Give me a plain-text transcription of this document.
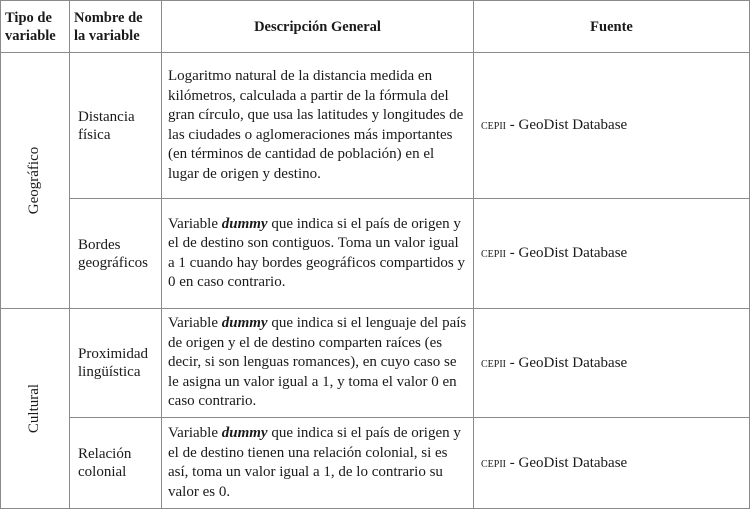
Tipo de variable	Nombre de la variable	Descripción General	Fuente
Geográfico	Distancia física	Logaritmo natural de la distancia medida en kilómetros, calculada a partir de la fórmula del gran círculo, que usa las latitudes y longitudes de las ciudades o aglomeraciones más importantes (en términos de cantidad de población) en el lugar de origen y destino.	cepii - GeoDist Database
	Bordes geográficos	Variable dummy que indica si el país de origen y el de destino son contiguos. Toma un valor igual a 1 cuando hay bordes geográficos compartidos y 0 en caso contrario.	cepii - GeoDist Database
Cultural	Proximidad lingüística	Variable dummy que indica si el lenguaje del país de origen y el de destino comparten raíces (es decir, si son lenguas romances), en cuyo caso se le asigna un valor igual a 1, y toma el valor 0 en caso contrario.	cepii - GeoDist Database
	Relación colonial	Variable dummy que indica si el país de origen y el de destino tienen una relación colonial, si es así, toma un valor igual a 1, de lo contrario su valor es 0.	cepii - GeoDist Database
